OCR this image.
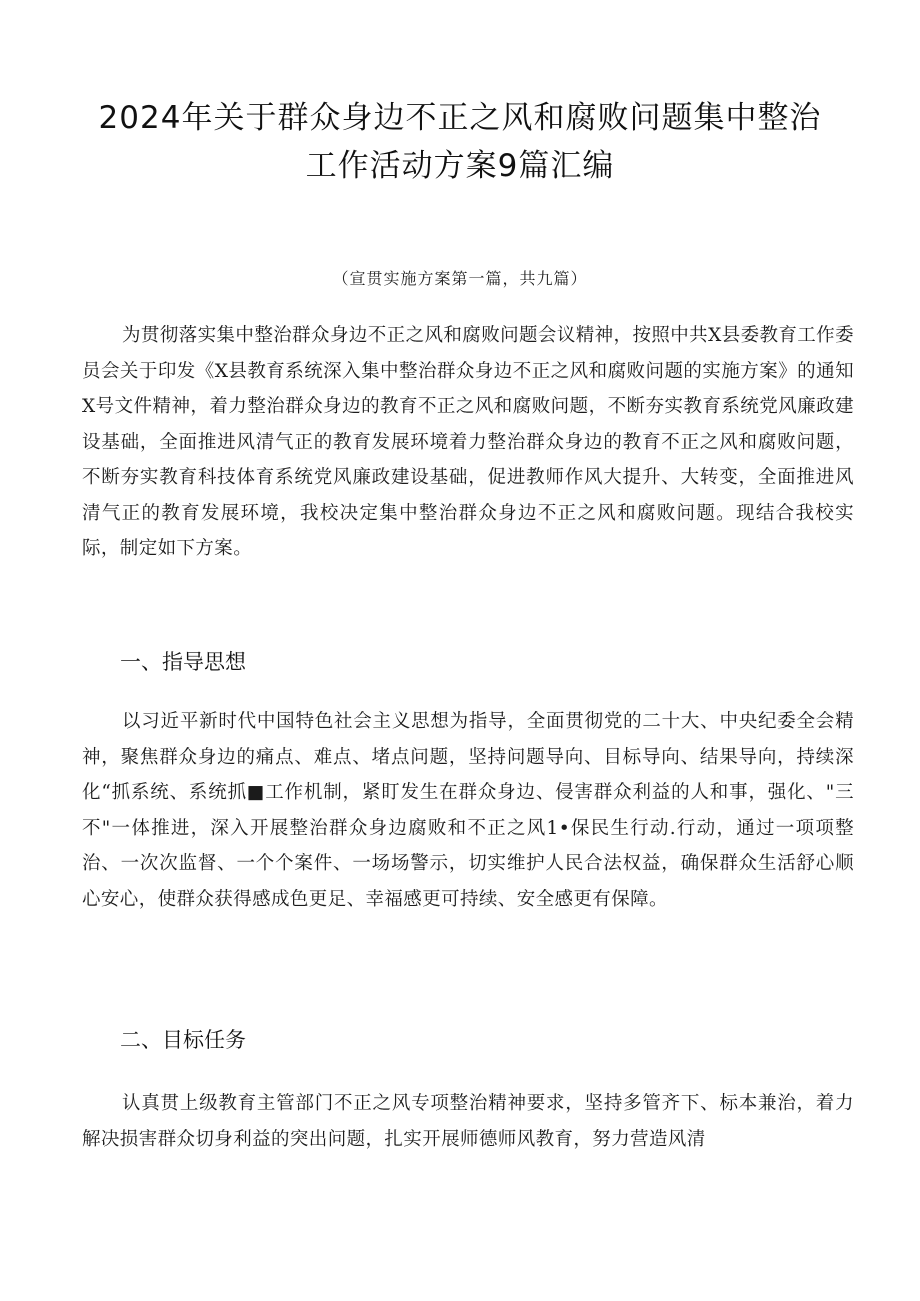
2024年关于群众身边不正之风和腐败问题集中整治
工作活动方案9篇汇编
（宣贯实施方案第一篇，共九篇）

为贯彻落实集中整治群众身边不正之风和腐败问题会议精神，按照中共X县委教育工作委员会关于印发《X县教育系统深入集中整治群众身边不正之风和腐败问题的实施方案》的通知X号文件精神，着力整治群众身边的教育不正之风和腐败问题，不断夯实教育系统党风廉政建设基础，全面推进风清气正的教育发展环境着力整治群众身边的教育不正之风和腐败问题，不断夯实教育科技体育系统党风廉政建设基础，促进教师作风大提升、大转变，全面推进风清气正的教育发展环境，我校决定集中整治群众身边不正之风和腐败问题。现结合我校实际，制定如下方案。

一、指导思想

以习近平新时代中国特色社会主义思想为指导，全面贯彻党的二十大、中央纪委全会精神，聚焦群众身边的痛点、难点、堵点问题，坚持问题导向、目标导向、结果导向，持续深化“抓系统、系统抓■工作机制，紧盯发生在群众身边、侵害群众利益的人和事，强化、"三不"一体推进，深入开展整治群众身边腐败和不正之风1•保民生行动.行动，通过一项项整治、一次次监督、一个个案件、一场场警示，切实维护人民合法权益，确保群众生活舒心顺心安心，使群众获得感成色更足、幸福感更可持续、安全感更有保障。

二、目标任务

认真贯上级教育主管部门不正之风专项整治精神要求，坚持多管齐下、标本兼治，着力解决损害群众切身利益的突出问题，扎实开展师德师风教育，努力营造风清
